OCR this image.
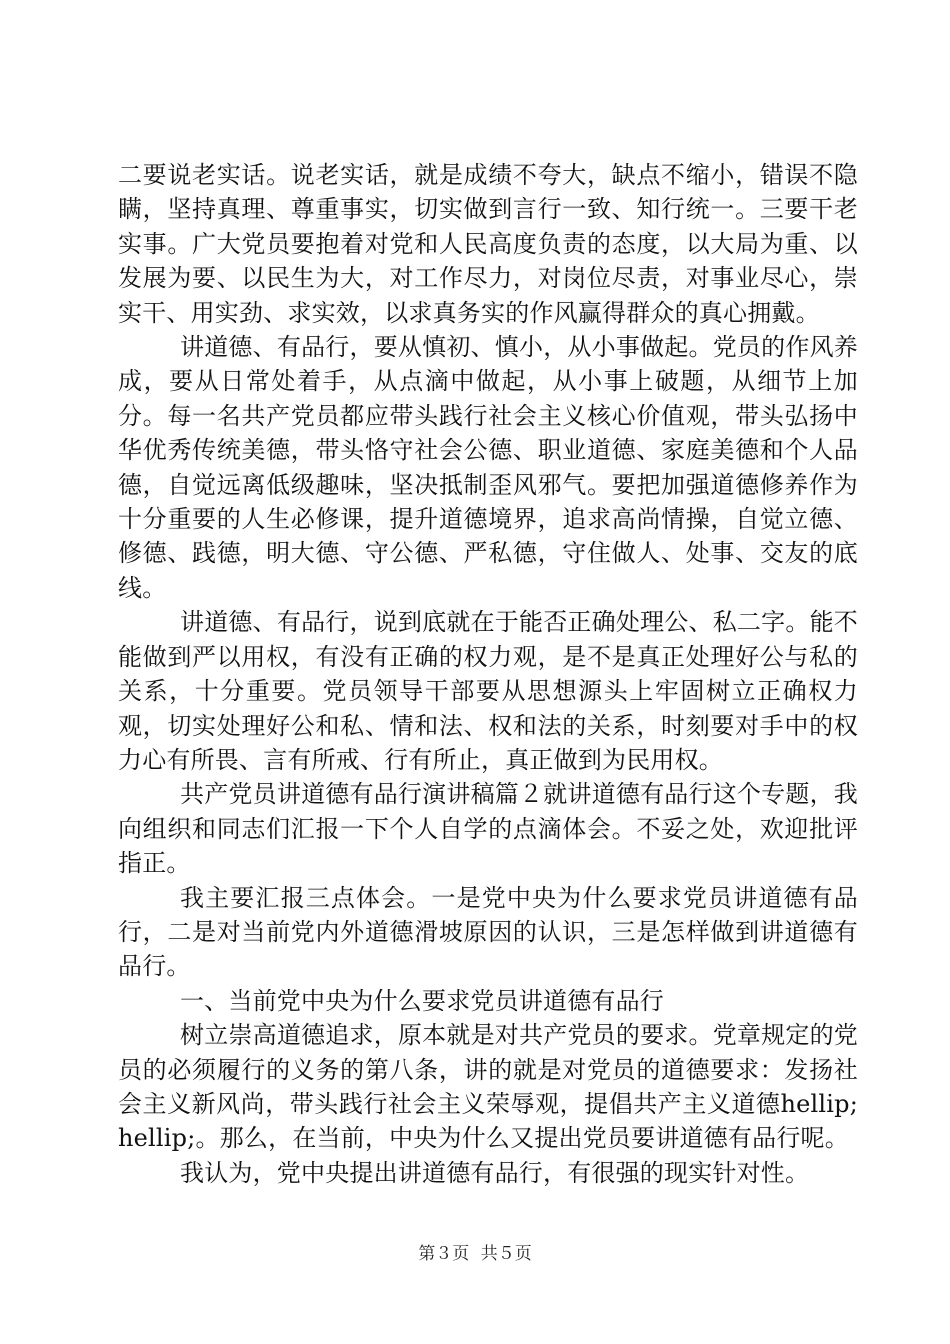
二要说老实话。说老实话，就是成绩不夸大，缺点不缩小，错误不隐瞒，坚持真理、尊重事实，切实做到言行一致、知行统一。三要干老实事。广大党员要抱着对党和人民高度负责的态度，以大局为重、以发展为要、以民生为大，对工作尽力，对岗位尽责，对事业尽心，崇实干、用实劲、求实效，以求真务实的作风赢得群众的真心拥戴。

讲道德、有品行，要从慎初、慎小，从小事做起。党员的作风养成，要从日常处着手，从点滴中做起，从小事上破题，从细节上加分。每一名共产党员都应带头践行社会主义核心价值观，带头弘扬中华优秀传统美德，带头恪守社会公德、职业道德、家庭美德和个人品德，自觉远离低级趣味，坚决抵制歪风邪气。要把加强道德修养作为十分重要的人生必修课，提升道德境界，追求高尚情操，自觉立德、修德、践德，明大德、守公德、严私德，守住做人、处事、交友的底线。

讲道德、有品行，说到底就在于能否正确处理公、私二字。能不能做到严以用权，有没有正确的权力观，是不是真正处理好公与私的关系，十分重要。党员领导干部要从思想源头上牢固树立正确权力观，切实处理好公和私、情和法、权和法的关系，时刻要对手中的权力心有所畏、言有所戒、行有所止，真正做到为民用权。

共产党员讲道德有品行演讲稿篇２就讲道德有品行这个专题，我向组织和同志们汇报一下个人自学的点滴体会。不妥之处，欢迎批评指正。

我主要汇报三点体会。一是党中央为什么要求党员讲道德有品行，二是对当前党内外道德滑坡原因的认识，三是怎样做到讲道德有品行。

一、当前党中央为什么要求党员讲道德有品行

树立崇高道德追求，原本就是对共产党员的要求。党章规定的党员的必须履行的义务的第八条，讲的就是对党员的道德要求：发扬社会主义新风尚，带头践行社会主义荣辱观，提倡共产主义道德hellip;hellip;。那么，在当前，中央为什么又提出党员要讲道德有品行呢。

我认为，党中央提出讲道德有品行，有很强的现实针对性。

第３页 共５页
